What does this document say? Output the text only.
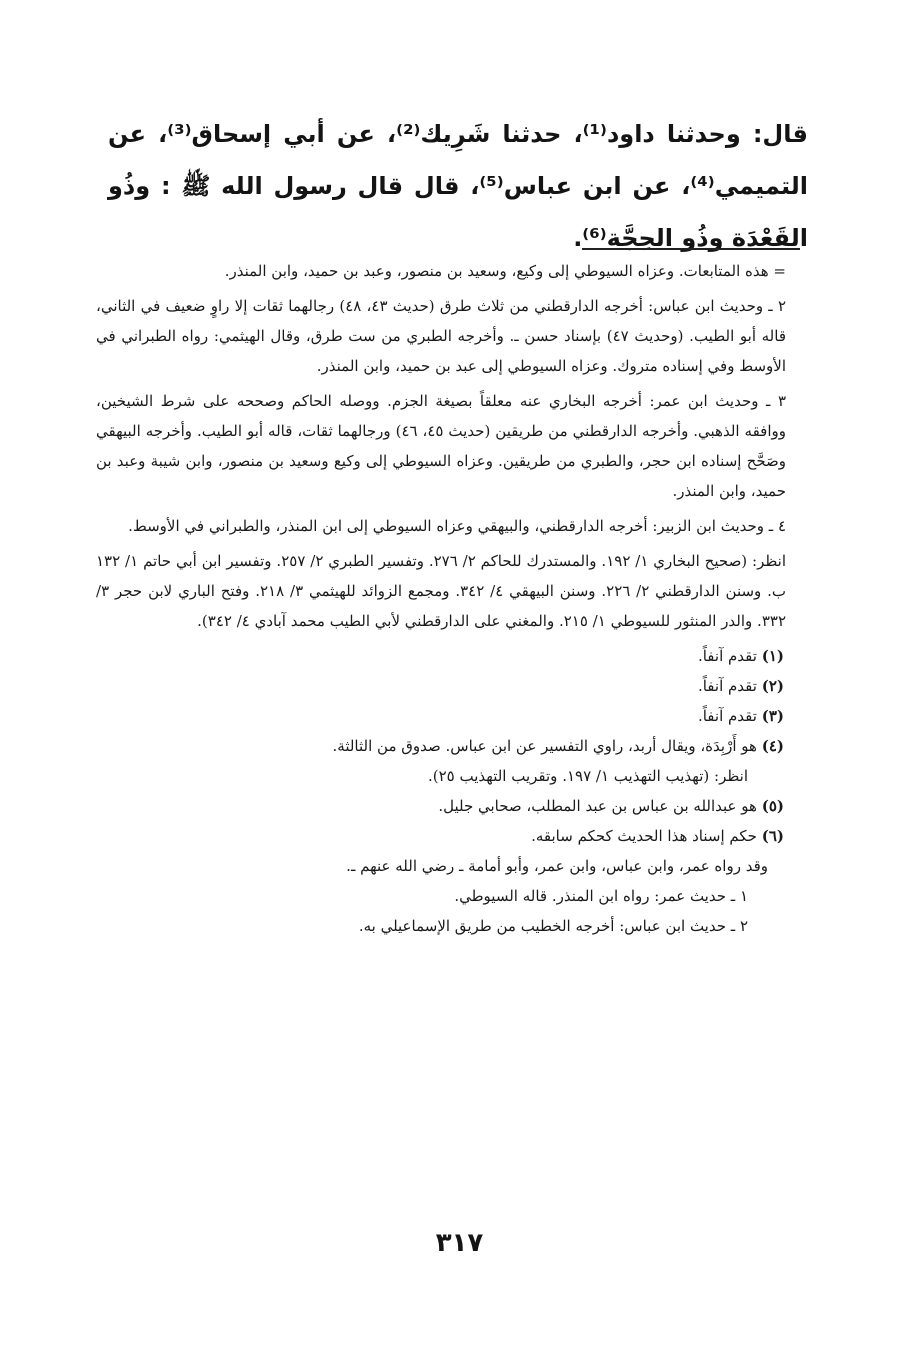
قال: وحدثنا داود⁽¹⁾، حدثنا شَرِيك⁽²⁾، عن أبي إسحاق⁽³⁾، عن التميمي⁽⁴⁾، عن ابن عباس⁽⁵⁾، قال قال رسول الله ﷺ : وذُو القَعْدَة وذُو الحِجَّة⁽⁶⁾.

= هذه المتابعات. وعزاه السيوطي إلى وكيع، وسعيد بن منصور، وعبد بن حميد، وابن المنذر.

٢ ـ وحديث ابن عباس: أخرجه الدارقطني من ثلاث طرق (حديث ٤٣، ٤٨) رجالهما ثقات إلا راوٍ ضعيف في الثاني، قاله أبو الطيب. (وحديث ٤٧) بإسناد حسن ـ. وأخرجه الطبري من ست طرق، وقال الهيثمي: رواه الطبراني في الأوسط وفي إسناده متروك. وعزاه السيوطي إلى عبد بن حميد، وابن المنذر.

٣ ـ وحديث ابن عمر: أخرجه البخاري عنه معلقاً بصيغة الجزم. ووصله الحاكم وصححه على شرط الشيخين، ووافقه الذهبي. وأخرجه الدارقطني من طريقين (حديث ٤٥، ٤٦) ورجالهما ثقات، قاله أبو الطيب. وأخرجه البيهقي وصَحَّح إسناده ابن حجر، والطبري من طريقين. وعزاه السيوطي إلى وكيع وسعيد بن منصور، وابن شيبة وعبد بن حميد، وابن المنذر.

٤ ـ وحديث ابن الزبير: أخرجه الدارقطني، والبيهقي وعزاه السيوطي إلى ابن المنذر، والطبراني في الأوسط.

انظر: (صحيح البخاري ١/ ١٩٢. والمستدرك للحاكم ٢/ ٢٧٦. وتفسير الطبري ٢/ ٢٥٧. وتفسير ابن أبي حاتم ١/ ١٣٢ ب. وسنن الدارقطني ٢/ ٢٢٦. وسنن البيهقي ٤/ ٣٤٢. ومجمع الزوائد للهيثمي ٣/ ٢١٨. وفتح الباري لابن حجر ٣/ ٣٣٢. والدر المنثور للسيوطي ١/ ٢١٥. والمغني على الدارقطني لأبي الطيب محمد آبادي ٤/ ٣٤٢).

(١) تقدم آنفاً.
(٢) تقدم آنفاً.
(٣) تقدم آنفاً.
(٤) هو أَرْبِدَة، ويقال أربد، راوي التفسير عن ابن عباس. صدوق من الثالثة.
انظر: (تهذيب التهذيب ١/ ١٩٧. وتقريب التهذيب ٢٥).
(٥) هو عبدالله بن عباس بن عبد المطلب، صحابي جليل.
(٦) حكم إسناد هذا الحديث كحكم سابقه.
وقد رواه عمر، وابن عباس، وابن عمر، وأبو أمامة ـ رضي الله عنهم ـ.
١ ـ حديث عمر: رواه ابن المنذر. قاله السيوطي.
٢ ـ حديث ابن عباس: أخرجه الخطيب من طريق الإسماعيلي به.
٣١٧
